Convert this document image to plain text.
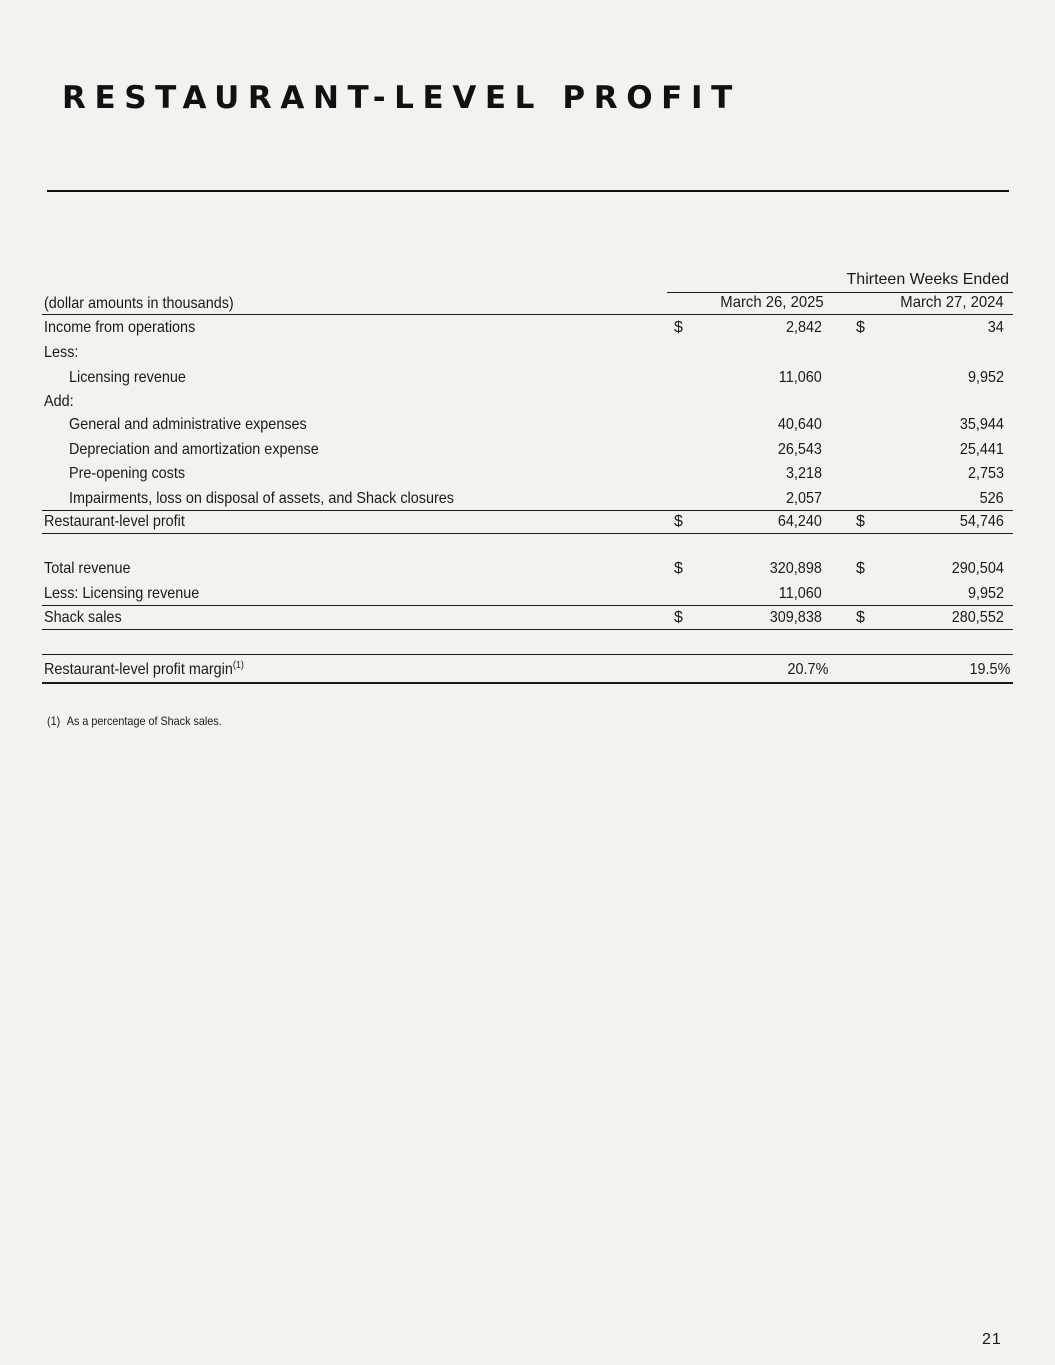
RESTAURANT-LEVEL PROFIT
Thirteen Weeks Ended
(dollar amounts in thousands)	March 26, 2025	March 27, 2024
Income from operations	$	2,842 $	34
Less:
Licensing revenue	11,060	9,952
Add:
General and administrative expenses	40,640	35,944
Depreciation and amortization expense	26,543	25,441
Pre-opening costs	3,218	2,753
Impairments, loss on disposal of assets, and Shack closures	2,057	526
Restaurant-level profit	$	64,240 $	54,746
Total revenue	$	320,898 $	290,504
Less: Licensing revenue	11,060	9,952
Shack sales	$	309,838 $	280,552
Restaurant-level profit margin$^{(1)}$	20.7%	19.5%
(1) As a percentage of Shack sales.
21
